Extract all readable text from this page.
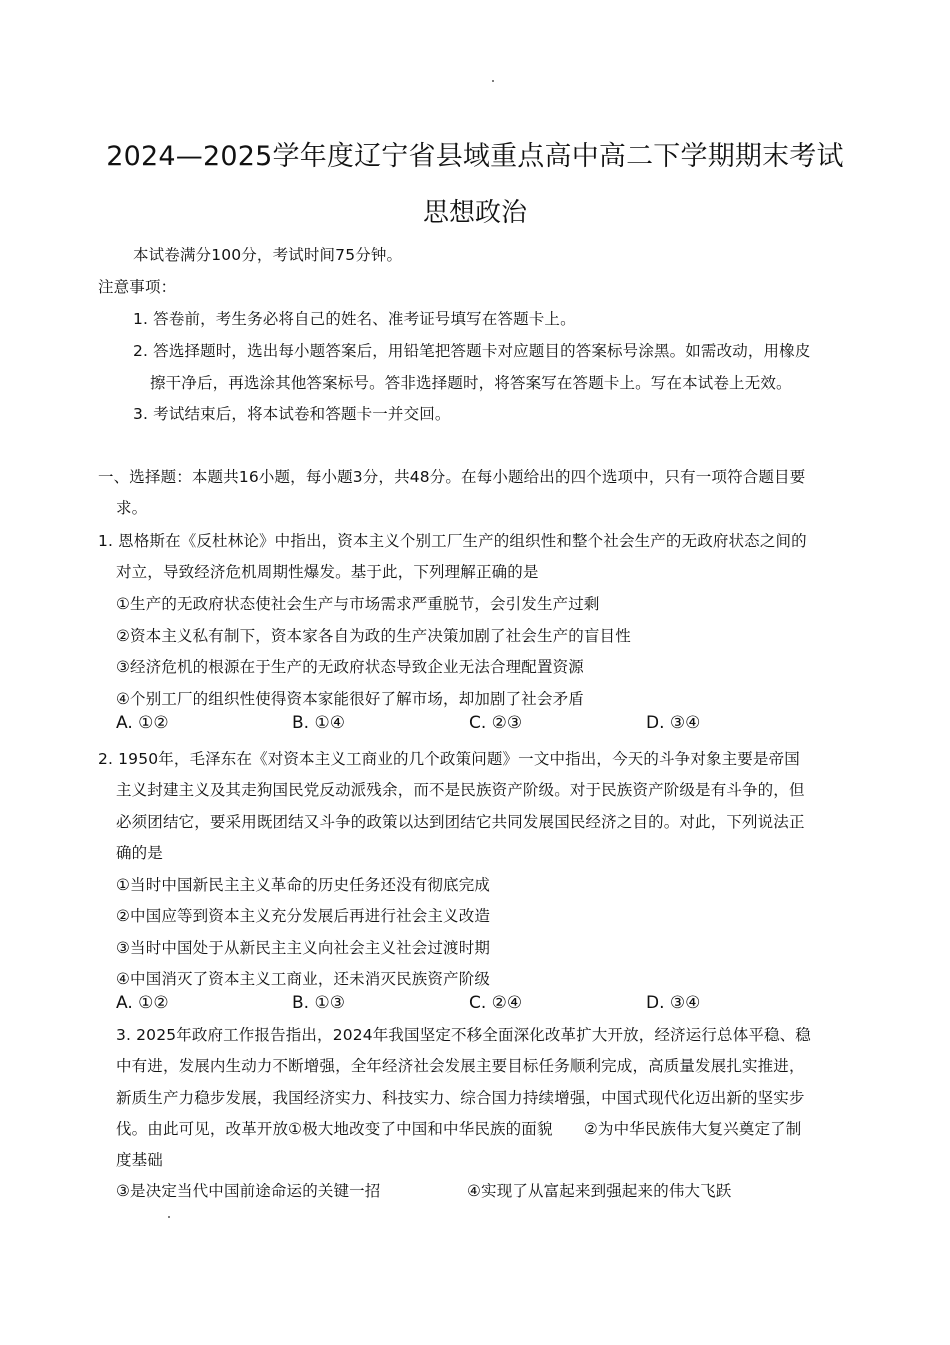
2024—2025学年度辽宁省县域重点高中高二下学期期末考试
思想政治
本试卷满分100分，考试时间75分钟。
注意事项：
1. 答卷前，考生务必将自己的姓名、准考证号填写在答题卡上。
2. 答选择题时，选出每小题答案后，用铅笔把答题卡对应题目的答案标号涂黑。如需改动，用橡皮
擦干净后，再选涂其他答案标号。答非选择题时，将答案写在答题卡上。写在本试卷上无效。
3. 考试结束后，将本试卷和答题卡一并交回。
一、选择题：本题共16小题，每小题3分，共48分。在每小题给出的四个选项中，只有一项符合题目要
求。
1. 恩格斯在《反杜林论》中指出，资本主义个别工厂生产的组织性和整个社会生产的无政府状态之间的
对立，导致经济危机周期性爆发。基于此，下列理解正确的是
①生产的无政府状态使社会生产与市场需求严重脱节，会引发生产过剩
②资本主义私有制下，资本家各自为政的生产决策加剧了社会生产的盲目性
③经济危机的根源在于生产的无政府状态导致企业无法合理配置资源
④个别工厂的组织性使得资本家能很好了解市场，却加剧了社会矛盾
A. ①②	B. ①④	C. ②③	D. ③④
2. 1950年，毛泽东在《对资本主义工商业的几个政策问题》一文中指出，今天的斗争对象主要是帝国
主义封建主义及其走狗国民党反动派残余，而不是民族资产阶级。对于民族资产阶级是有斗争的，但
必须团结它，要采用既团结又斗争的政策以达到团结它共同发展国民经济之目的。对此，下列说法正
确的是
①当时中国新民主主义革命的历史任务还没有彻底完成
②中国应等到资本主义充分发展后再进行社会主义改造
③当时中国处于从新民主主义向社会主义社会过渡时期
④中国消灭了资本主义工商业，还未消灭民族资产阶级
A. ①②	B. ①③	C. ②④	D. ③④
3. 2025年政府工作报告指出，2024年我国坚定不移全面深化改革扩大开放，经济运行总体平稳、稳
中有进，发展内生动力不断增强，全年经济社会发展主要目标任务顺利完成，高质量发展扎实推进，
新质生产力稳步发展，我国经济实力、科技实力、综合国力持续增强，中国式现代化迈出新的坚实步
伐。由此可见，改革开放①极大地改变了中国和中华民族的面貌　　②为中华民族伟大复兴奠定了制
度基础
③是决定当代中国前途命运的关键一招	④实现了从富起来到强起来的伟大飞跃
